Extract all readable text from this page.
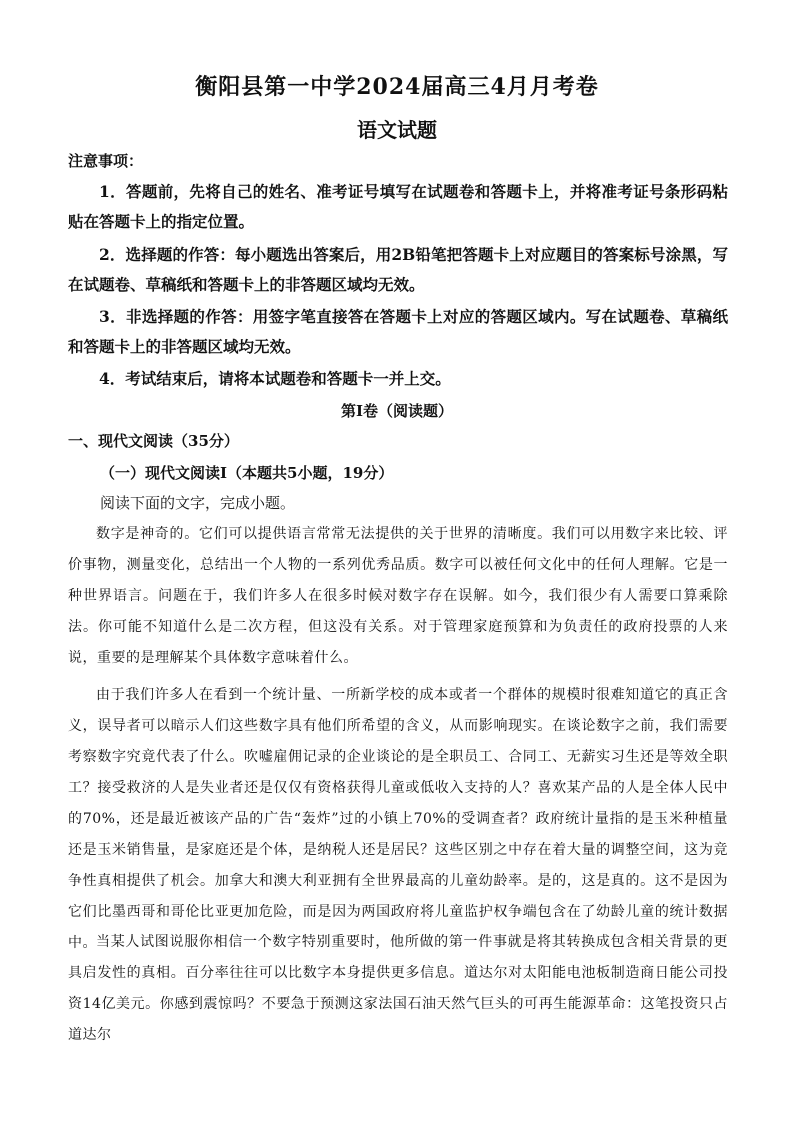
衡阳县第一中学2024届高三4月月考卷
语文试题
注意事项：
1．答题前，先将自己的姓名、准考证号填写在试题卷和答题卡上，并将准考证号条形码粘贴在答题卡上的指定位置。
2．选择题的作答：每小题选出答案后，用2B铅笔把答题卡上对应题目的答案标号涂黑，写在试题卷、草稿纸和答题卡上的非答题区域均无效。
3．非选择题的作答：用签字笔直接答在答题卡上对应的答题区域内。写在试题卷、草稿纸和答题卡上的非答题区域均无效。
4．考试结束后，请将本试题卷和答题卡一并上交。
第Ⅰ卷（阅读题）
一、现代文阅读（35分）
（一）现代文阅读Ⅰ（本题共5小题，19分）
阅读下面的文字，完成小题。
数字是神奇的。它们可以提供语言常常无法提供的关于世界的清晰度。我们可以用数字来比较、评价事物，测量变化，总结出一个人物的一系列优秀品质。数字可以被任何文化中的任何人理解。它是一种世界语言。问题在于，我们许多人在很多时候对数字存在误解。如今，我们很少有人需要口算乘除法。你可能不知道什么是二次方程，但这没有关系。对于管理家庭预算和为负责任的政府投票的人来说，重要的是理解某个具体数字意味着什么。
由于我们许多人在看到一个统计量、一所新学校的成本或者一个群体的规模时很难知道它的真正含义，误导者可以暗示人们这些数字具有他们所希望的含义，从而影响现实。在谈论数字之前，我们需要考察数字究竟代表了什么。吹嘘雇佣记录的企业谈论的是全职员工、合同工、无薪实习生还是等效全职工？接受救济的人是失业者还是仅仅有资格获得儿童或低收入支持的人？喜欢某产品的人是全体人民中的70%，还是最近被该产品的广告“轰炸”过的小镇上70%的受调查者？政府统计量指的是玉米种植量还是玉米销售量，是家庭还是个体，是纳税人还是居民？这些区别之中存在着大量的调整空间，这为竞争性真相提供了机会。加拿大和澳大利亚拥有全世界最高的儿童幼龄率。是的，这是真的。这不是因为它们比墨西哥和哥伦比亚更加危险，而是因为两国政府将儿童监护权争端包含在了幼龄儿童的统计数据中。 当某人试图说服你相信一个数字特别重要时，他所做的第一件事就是将其转换成包含相关背景的更具启发性的真相。百分率往往可以比数字本身提供更多信息。道达尔对太阳能电池板制造商日能公司投资14亿美元。你感到震惊吗？不要急于预测这家法国石油天然气巨头的可再生能源革命：这笔投资只占道达尔
